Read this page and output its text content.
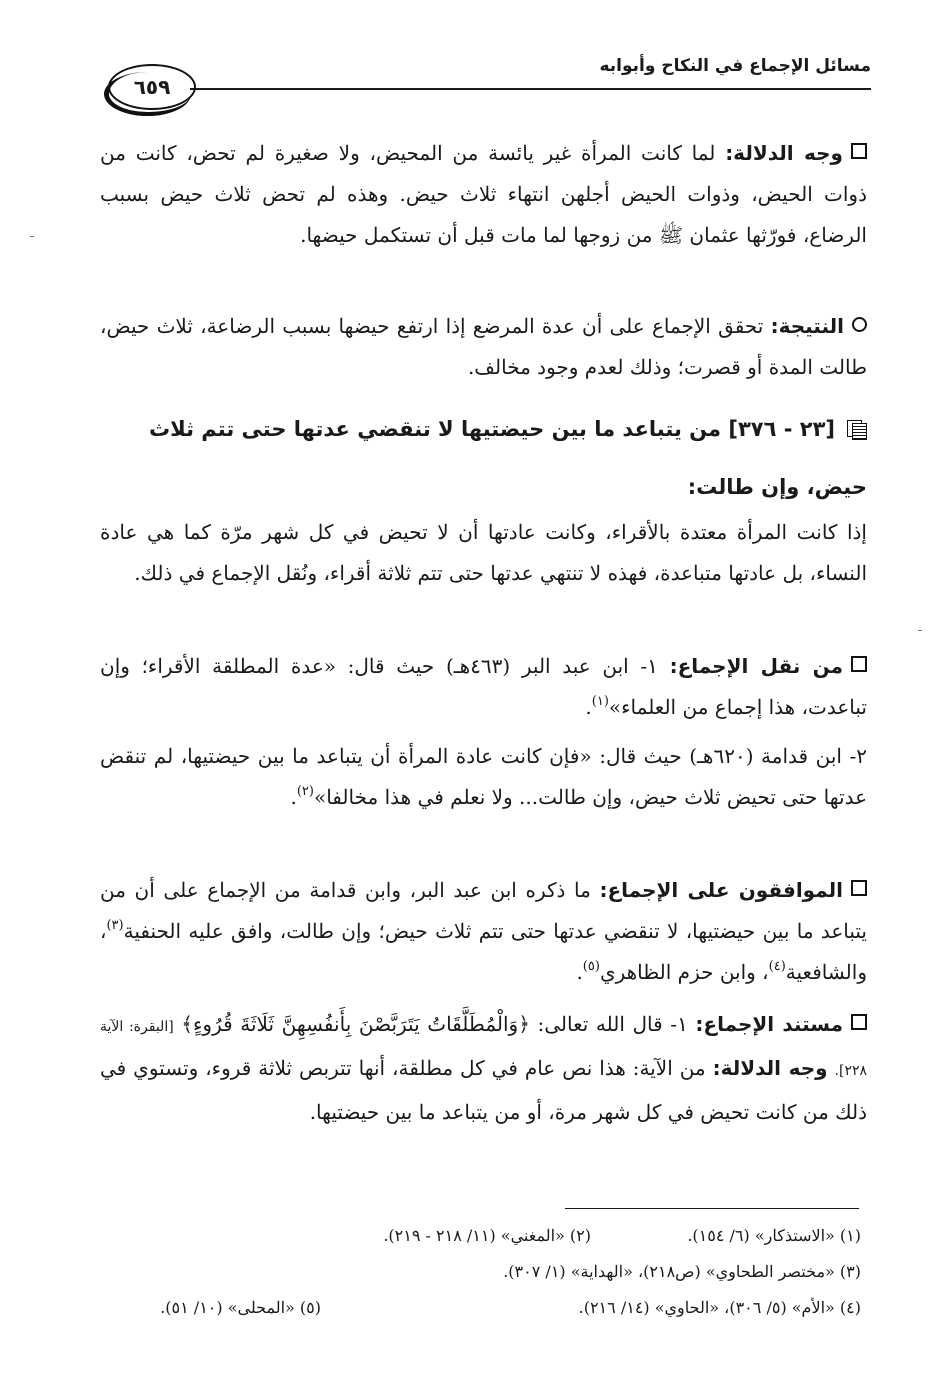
مسائل الإجماع في النكاح وأبوابه
٦٥٩

وجه الدلالة: لما كانت المرأة غير يائسة من المحيض، ولا صغيرة لم تحض، كانت من ذوات الحيض، وذوات الحيض أجلهن انتهاء ثلاث حيض. وهذه لم تحض ثلاث حيض بسبب الرضاع، فورّثها عثمان ﷺ من زوجها لما مات قبل أن تستكمل حيضها.

النتيجة: تحقق الإجماع على أن عدة المرضع إذا ارتفع حيضها بسبب الرضاعة، ثلاث حيض، طالت المدة أو قصرت؛ وذلك لعدم وجود مخالف.

[٢٣ - ٣٧٦] من يتباعد ما بين حيضتيها لا تنقضي عدتها حتى تتم ثلاث حيض، وإن طالت:

إذا كانت المرأة معتدة بالأقراء، وكانت عادتها أن لا تحيض في كل شهر مرّة كما هي عادة النساء، بل عادتها متباعدة، فهذه لا تنتهي عدتها حتى تتم ثلاثة أقراء، ونُقل الإجماع في ذلك.

من نقل الإجماع: ١- ابن عبد البر (٤٦٣هـ) حيث قال: «عدة المطلقة الأقراء؛ وإن تباعدت، هذا إجماع من العلماء»$^{(١)}$.

٢- ابن قدامة (٦٢٠هـ) حيث قال: «فإن كانت عادة المرأة أن يتباعد ما بين حيضتيها، لم تنقض عدتها حتى تحيض ثلاث حيض، وإن طالت... ولا نعلم في هذا مخالفا»$^{(٢)}$.

الموافقون على الإجماع: ما ذكره ابن عبد البر، وابن قدامة من الإجماع على أن من يتباعد ما بين حيضتيها، لا تنقضي عدتها حتى تتم ثلاث حيض؛ وإن طالت، وافق عليه الحنفية$^{(٣)}$، والشافعية$^{(٤)}$، وابن حزم الظاهري$^{(٥)}$.

مستند الإجماع: ١- قال الله تعالى: ﴿وَالْمُطَلَّقَاتُ يَتَرَبَّصْنَ بِأَنفُسِهِنَّ ثَلَاثَةَ قُرُوءٍ﴾ [البقرة: الآية ٢٢٨]. وجه الدلالة: من الآية: هذا نص عام في كل مطلقة، أنها تتربص ثلاثة قروء، وتستوي في ذلك من كانت تحيض في كل شهر مرة، أو من يتباعد ما بين حيضتيها.

(١) «الاستذكار» (٦/ ١٥٤).
(٢) «المغني» (١١/ ٢١٨ - ٢١٩).
(٣) «مختصر الطحاوي» (ص٢١٨)، «الهداية» (١/ ٣٠٧).
(٤) «الأم» (٥/ ٣٠٦)، «الحاوي» (١٤/ ٢١٦).
(٥) «المحلى» (١٠/ ٥١).
